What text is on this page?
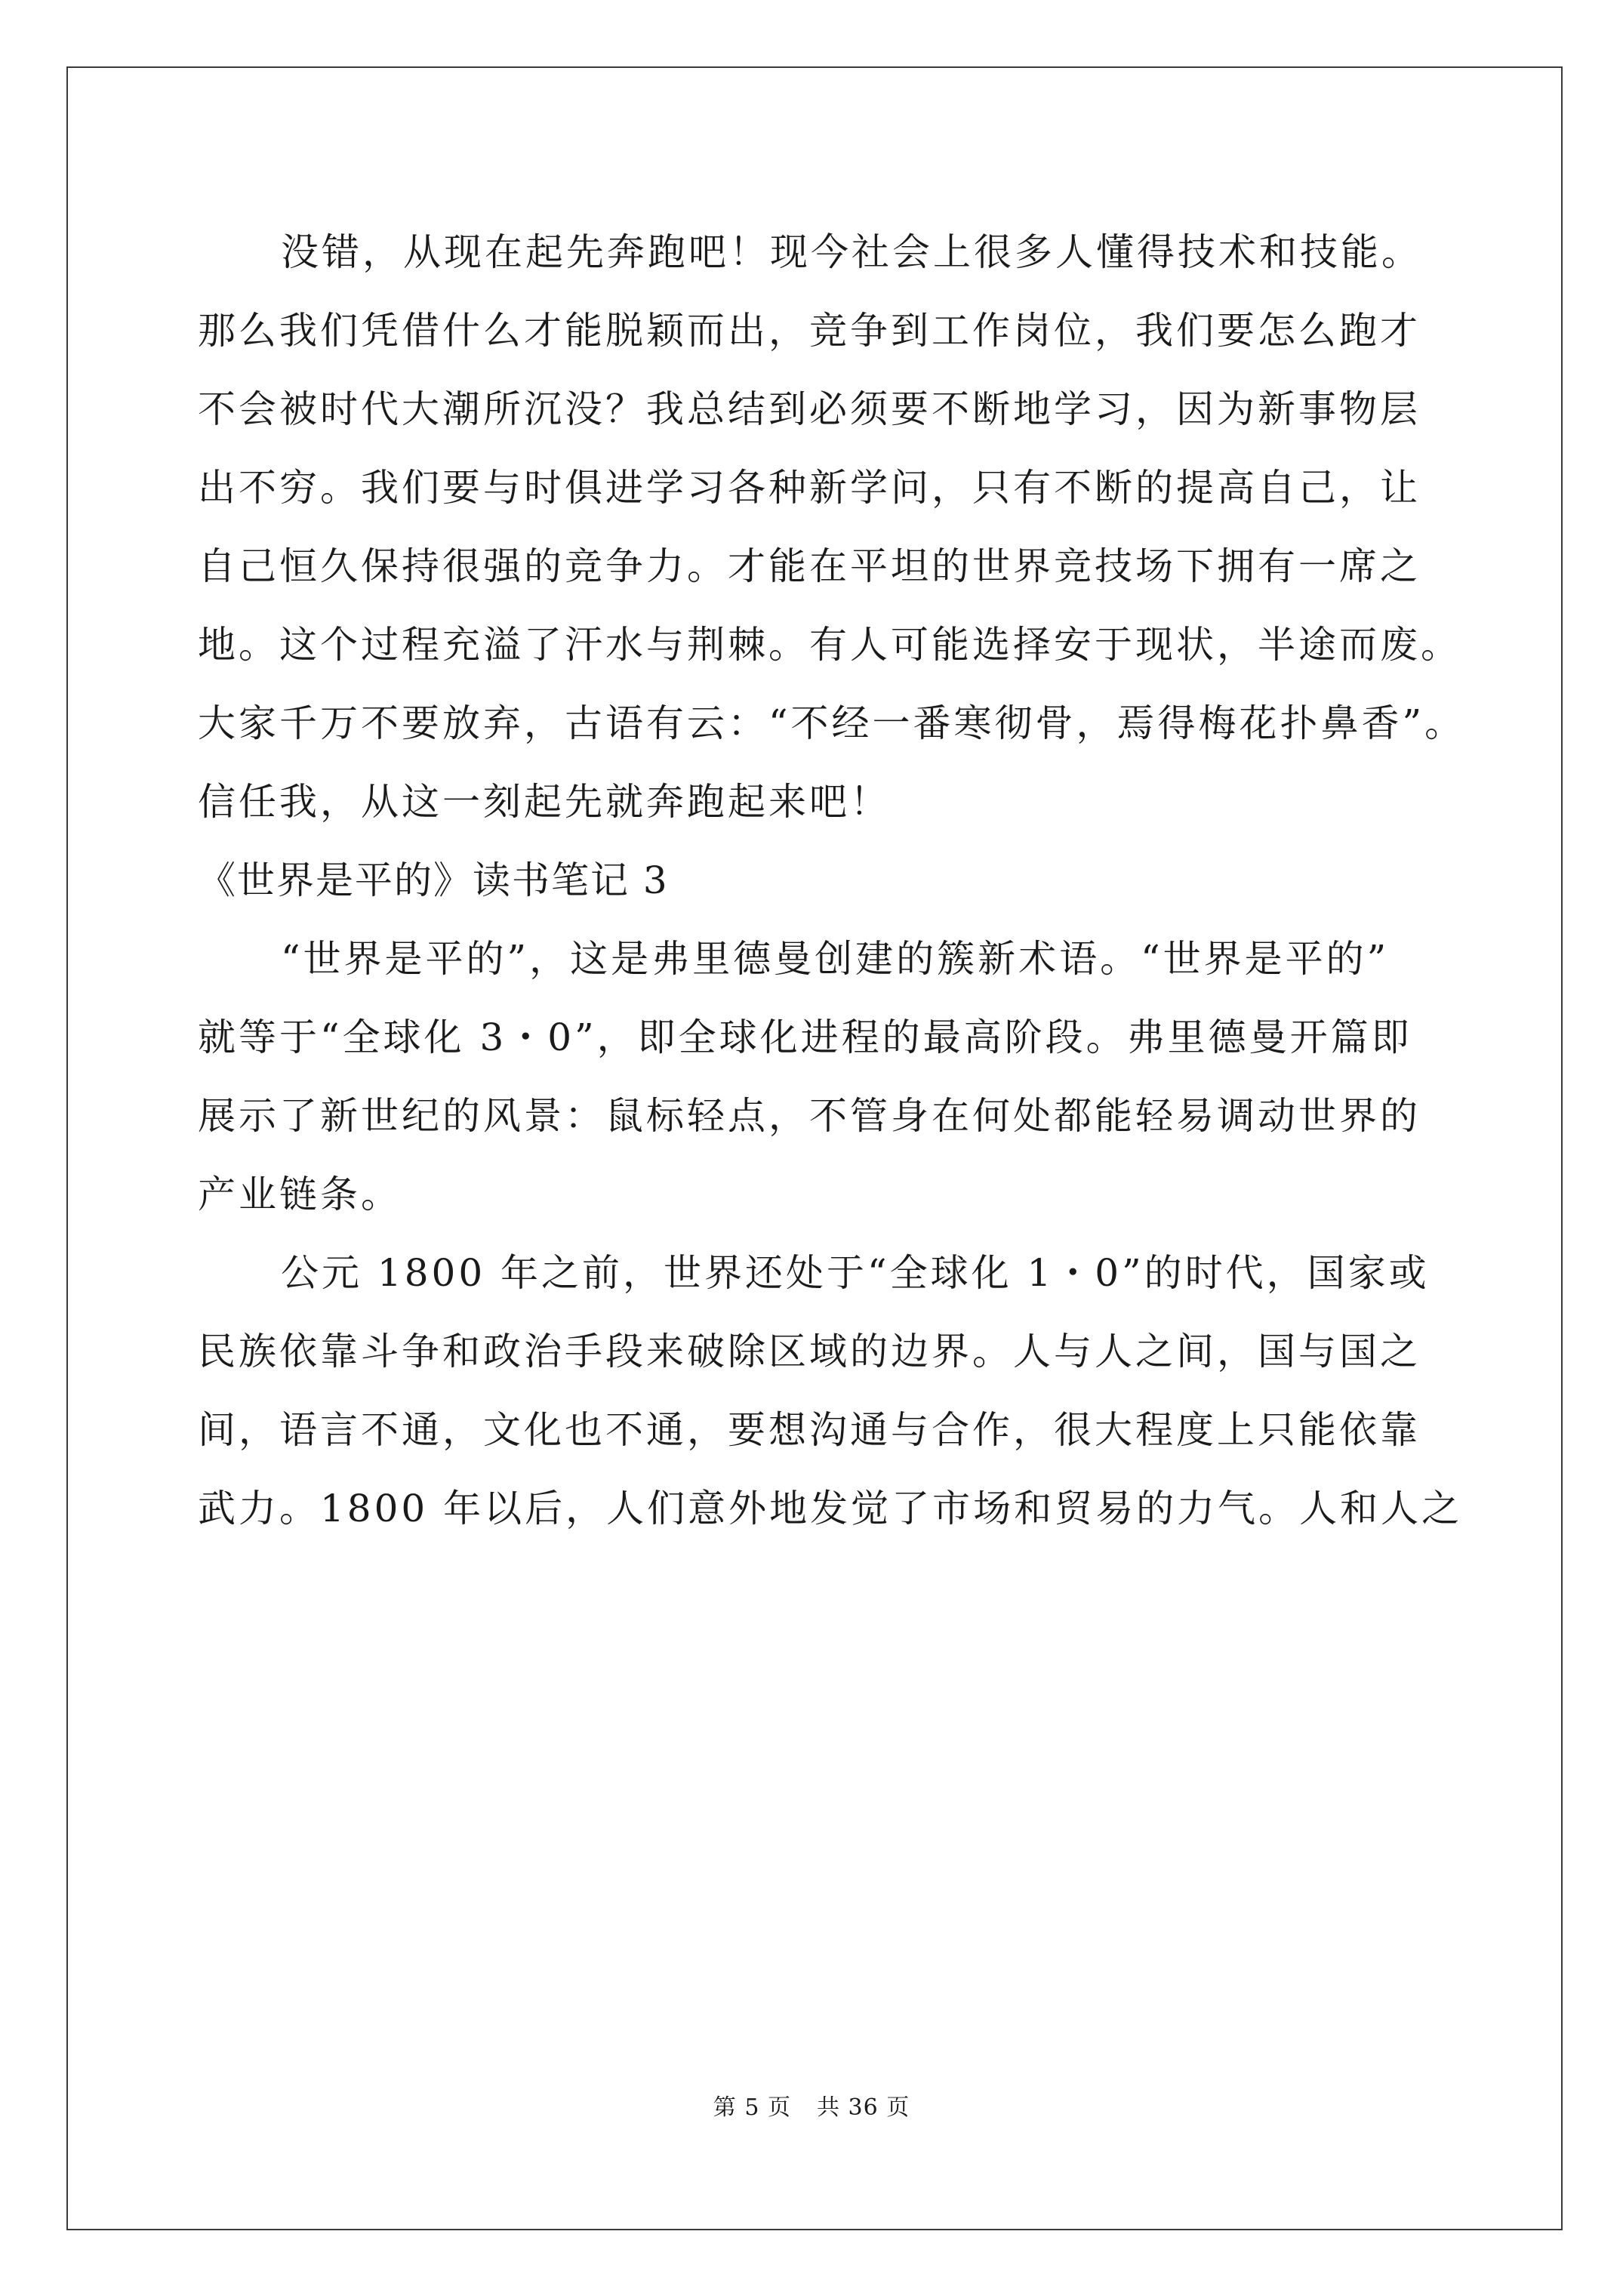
没错，从现在起先奔跑吧！现今社会上很多人懂得技术和技能。
那么我们凭借什么才能脱颖而出，竞争到工作岗位，我们要怎么跑才
不会被时代大潮所沉没？我总结到必须要不断地学习，因为新事物层
出不穷。我们要与时俱进学习各种新学问，只有不断的提高自己，让
自己恒久保持很强的竞争力。才能在平坦的世界竞技场下拥有一席之
地。这个过程充溢了汗水与荆棘。有人可能选择安于现状，半途而废。
大家千万不要放弃，古语有云：“不经一番寒彻骨，焉得梅花扑鼻香”。
信任我，从这一刻起先就奔跑起来吧！
《世界是平的》读书笔记 3
“世界是平的”，这是弗里德曼创建的簇新术语。“世界是平的”
就等于“全球化 3・0”，即全球化进程的最高阶段。弗里德曼开篇即
展示了新世纪的风景：鼠标轻点，不管身在何处都能轻易调动世界的
产业链条。
公元 1800 年之前，世界还处于“全球化 1・0”的时代，国家或
民族依靠斗争和政治手段来破除区域的边界。人与人之间，国与国之
间，语言不通，文化也不通，要想沟通与合作，很大程度上只能依靠
武力。1800 年以后，人们意外地发觉了市场和贸易的力气。人和人之
第 5 页 共 36 页
